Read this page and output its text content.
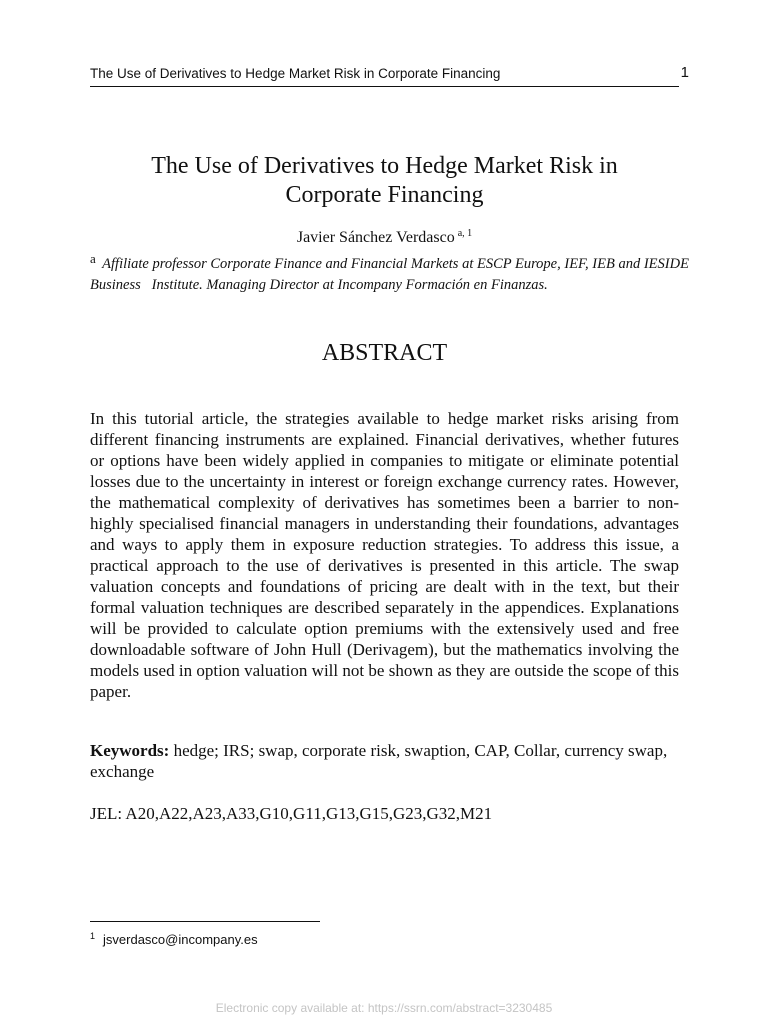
The Use of Derivatives to Hedge Market Risk in Corporate Financing	1
The Use of Derivatives to Hedge Market Risk in
Corporate Financing
Javier Sánchez Verdasco $^{a, 1}$
a Affiliate professor Corporate Finance and Financial Markets at ESCP Europe, IEF, IEB and IESIDE Business   Institute. Managing Director at Incompany Formación en Finanzas.
ABSTRACT

In this tutorial article, the strategies available to hedge market risks arising from different financing instruments are explained. Financial derivatives, whether futures or options have been widely applied in companies to mitigate or eliminate potential losses due to the uncertainty in interest or foreign exchange currency rates. However, the mathematical complexity of derivatives has sometimes been a barrier to non-highly specialised financial managers in understanding their foundations, advantages and ways to apply them in exposure reduction strategies. To address this issue, a practical approach to the use of derivatives is presented in this article. The swap valuation concepts and foundations of pricing are dealt with in the text, but their formal valuation techniques are described separately in the appendices. Explanations will be provided to calculate option premiums with the extensively used and free downloadable software of John Hull (Derivagem), but the mathematics involving the models used in option valuation will not be shown as they are outside the scope of this paper.

Keywords: hedge; IRS; swap, corporate risk, swaption, CAP, Collar, currency swap, exchange

JEL: A20,A22,A23,A33,G10,G11,G13,G15,G23,G32,M21

$^1$ jsverdasco@incompany.es
Electronic copy available at: https://ssrn.com/abstract=3230485
